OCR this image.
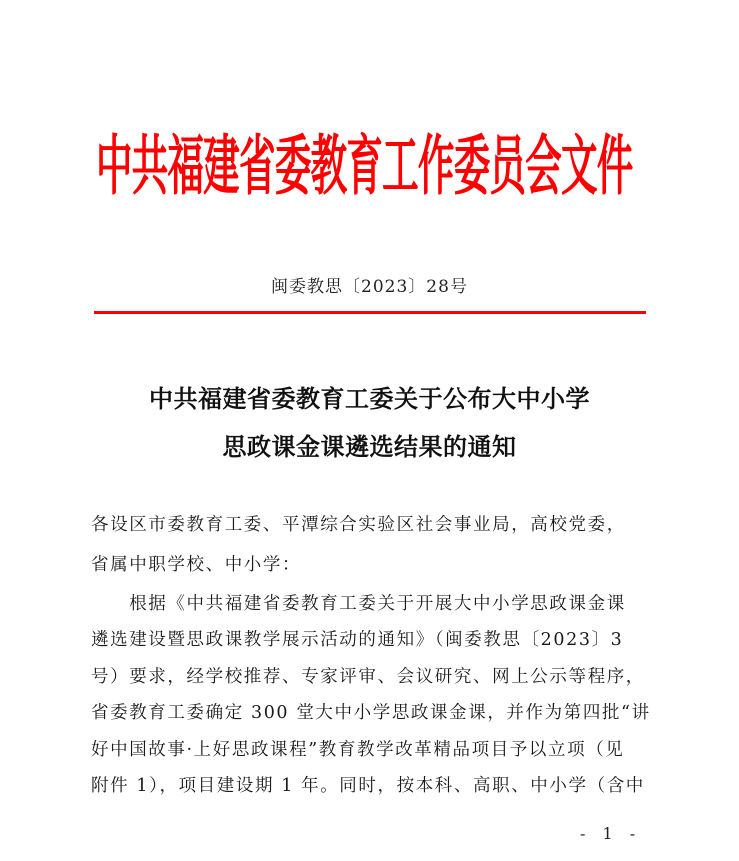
中共福建省委教育工作委员会文件
闽委教思〔2023〕28号
中共福建省委教育工委关于公布大中小学
思政课金课遴选结果的通知
各设区市委教育工委、平潭综合实验区社会事业局，高校党委，
省属中职学校、中小学：
　　根据《中共福建省委教育工委关于开展大中小学思政课金课
遴选建设暨思政课教学展示活动的通知》（闽委教思〔2023〕3
号）要求，经学校推荐、专家评审、会议研究、网上公示等程序，
省委教育工委确定 300 堂大中小学思政课金课，并作为第四批“讲
好中国故事·上好思政课程”教育教学改革精品项目予以立项（见
附件 1），项目建设期 1 年。同时，按本科、高职、中小学（含中
- 1 -
